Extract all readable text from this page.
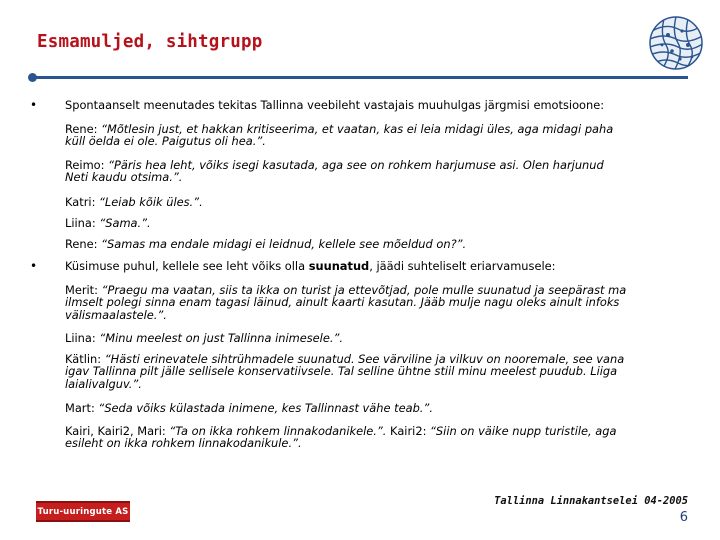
Esmamuljed, sihtgrupp
• Spontaanselt meenutades tekitas Tallinna veebileht vastajais muuhulgas järgmisi emotsioone:
Rene: “Mõtlesin just, et hakkan kritiseerima, et vaatan, kas ei leia midagi üles, aga midagi paha
küll öelda ei ole. Paigutus oli hea.”.
Reimo: “Päris hea leht, võiks isegi kasutada, aga see on rohkem harjumuse asi. Olen harjunud
Neti kaudu otsima.”.
Katri: “Leiab kõik üles.”.
Liina: “Sama.”.
Rene: “Samas ma endale midagi ei leidnud, kellele see mõeldud on?”.
• Küsimuse puhul, kellele see leht võiks olla suunatud, jäädi suhteliselt eriarvamusele:
Merit: “Praegu ma vaatan, siis ta ikka on turist ja ettevõtjad, pole mulle suunatud ja seepärast ma
ilmselt polegi sinna enam tagasi läinud, ainult kaarti kasutan. Jääb mulje nagu oleks ainult infoks
välismaalastele.”.
Liina: “Minu meelest on just Tallinna inimesele.”.
Kätlin: “Hästi erinevatele sihtrühmadele suunatud. See värviline ja vilkuv on nooremale, see vana
igav Tallinna pilt jälle sellisele konservatiivsele. Tal selline ühtne stiil minu meelest puudub. Liiga
laialivalguv.”.
Mart: “Seda võiks külastada inimene, kes Tallinnast vähe teab.”.
Kairi, Kairi2, Mari: “Ta on ikka rohkem linnakodanikele.”. Kairi2: “Siin on väike nupp turistile, aga
esileht on ikka rohkem linnakodanikule.”.
Turu-uuringute AS
Tallinna Linnakantselei 04-2005
6
